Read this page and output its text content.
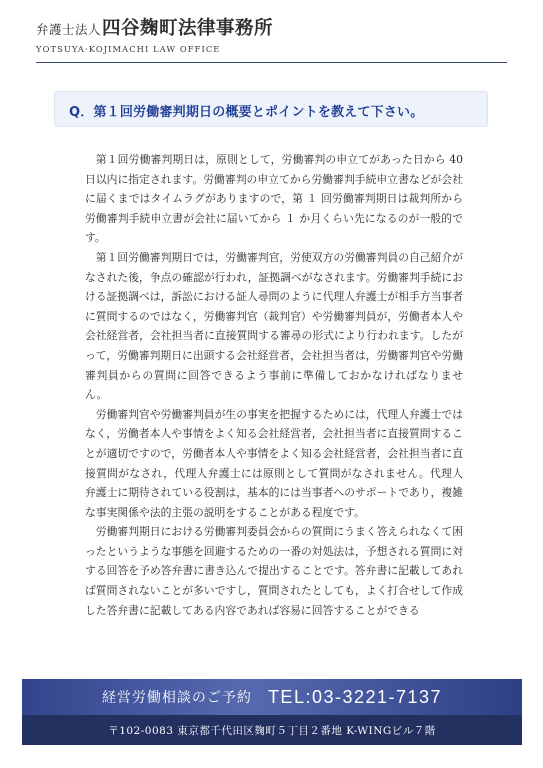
弁護士法人 四谷麹町法律事務所
YOTSUYA·KOJIMACHI LAW OFFICE
Q．第１回労働審判期日の概要とポイントを教えて下さい。

第１回労働審判期日は，原則として，労働審判の申立てがあった日から 40 日以内に指定されます。労働審判の申立てから労働審判手続申立書などが会社に届くまではタイムラグがありますので，第 １ 回労働審判期日は裁判所から労働審判手続申立書が会社に届いてから １ か月くらい先になるのが一般的です。

第１回労働審判期日では，労働審判官，労使双方の労働審判員の自己紹介がなされた後，争点の確認が行われ，証拠調べがなされます。労働審判手続における証拠調べは，訴訟における証人尋問のように代理人弁護士が相手方当事者に質問するのではなく，労働審判官（裁判官）や労働審判員が，労働者本人や会社経営者，会社担当者に直接質問する審尋の形式により行われます。したがって，労働審判期日に出頭する会社経営者，会社担当者は，労働審判官や労働審判員からの質問に回答できるよう事前に準備しておかなければなりません。

労働審判官や労働審判員が生の事実を把握するためには，代理人弁護士ではなく，労働者本人や事情をよく知る会社経営者，会社担当者に直接質問することが適切ですので，労働者本人や事情をよく知る会社経営者，会社担当者に直接質問がなされ，代理人弁護士には原則として質問がなされません。代理人弁護士に期待されている役割は，基本的には当事者へのサポートであり，複雑な事実関係や法的主張の説明をすることがある程度です。

労働審判期日における労働審判委員会からの質問にうまく答えられなくて困ったというような事態を回避するための一番の対処法は，予想される質問に対する回答を予め答弁書に書き込んで提出することです。答弁書に記載してあれば質問されないことが多いですし，質問されたとしても，よく打合せして作成した答弁書に記載してある内容であれば容易に回答することができる

経営労働相談のご予約 TEL:03-3221-7137
〒102-0083 東京都千代田区麹町５丁目２番地 K-WINGビル７階
